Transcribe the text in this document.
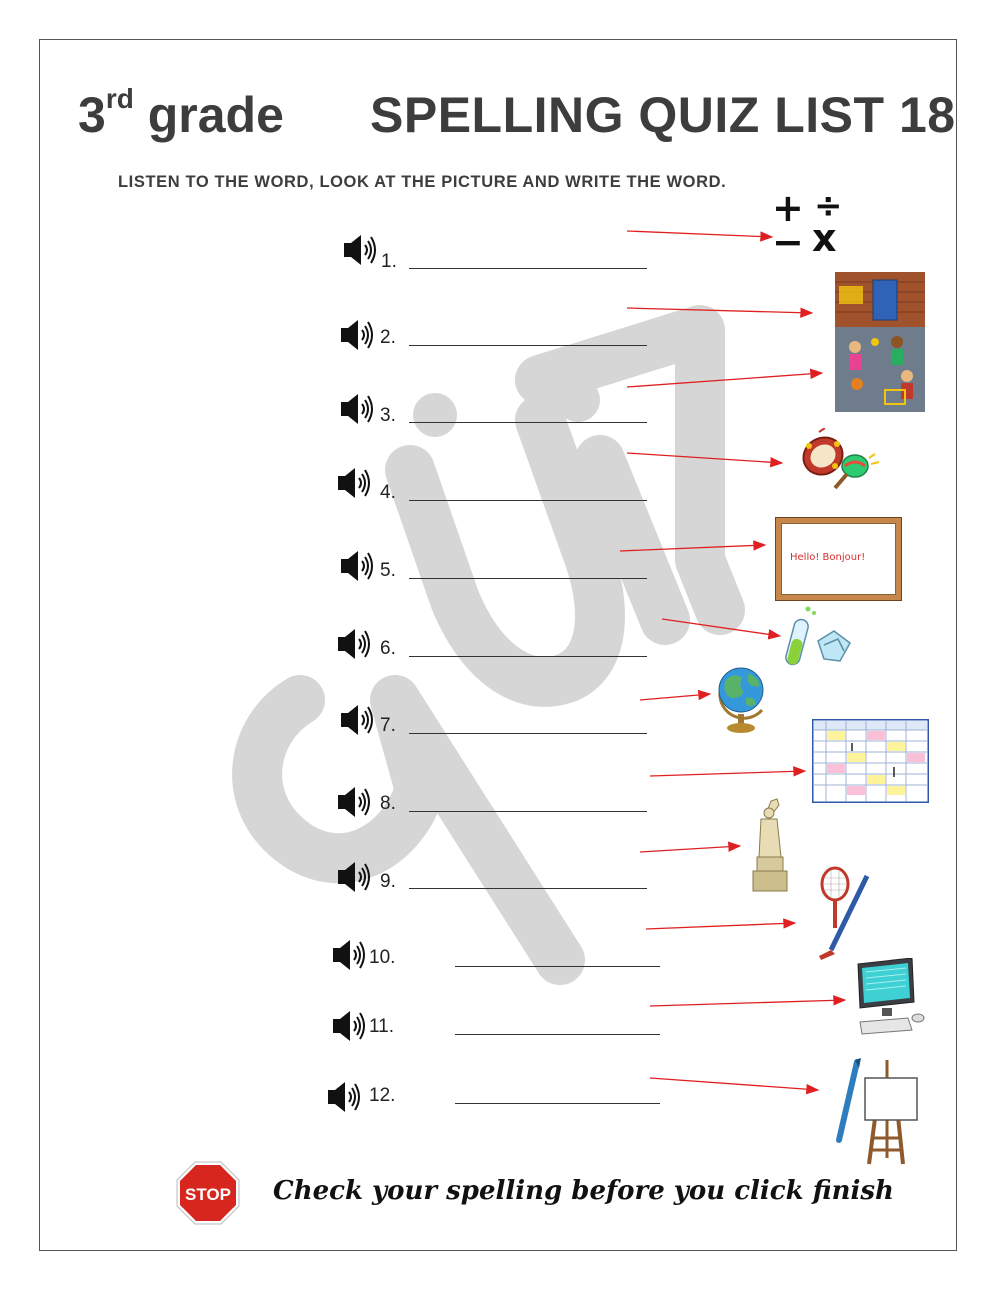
3rd grade SPELLING QUIZ LIST 18
LISTEN TO THE WORD, LOOK AT THE PICTURE AND WRITE THE WORD.
1.
2.
3.
4.
5.
6.
7.
8.
9.
10.
11.
12.
+ ÷
− x
Hello! Bonjour!
STOP Check your spelling before you click finish
